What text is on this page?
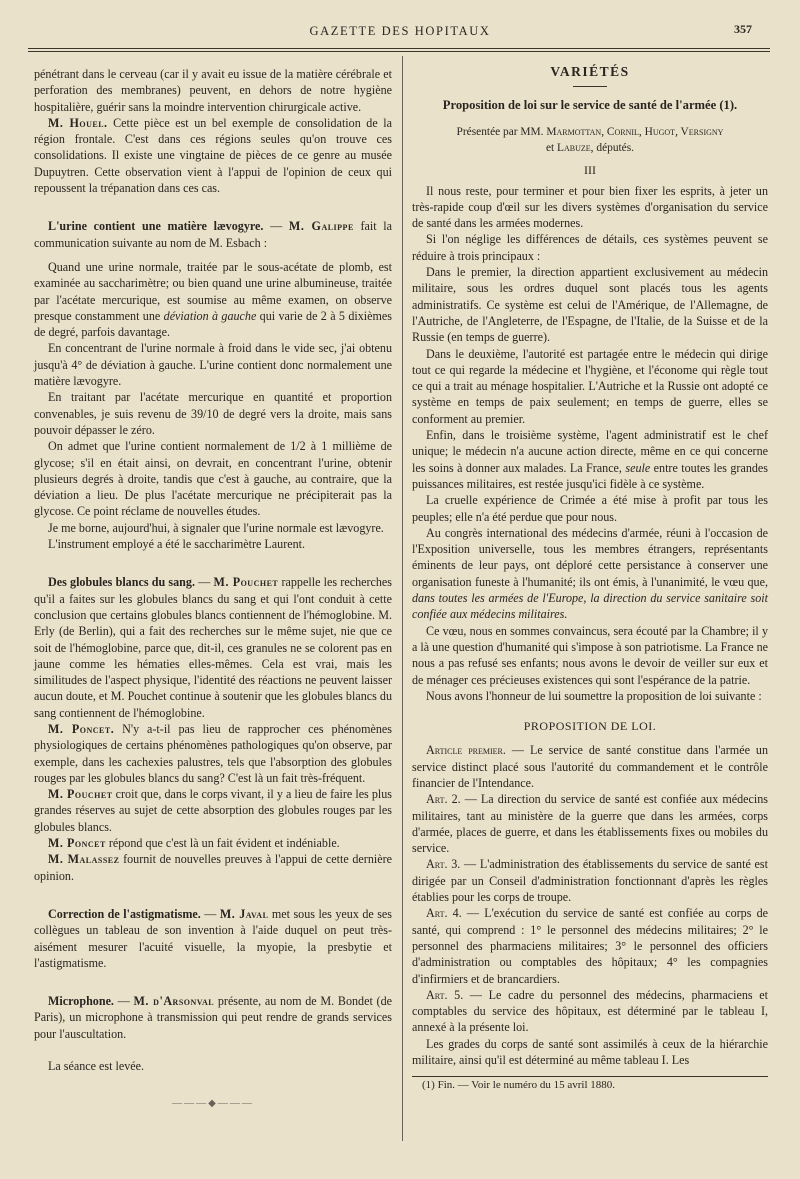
GAZETTE DES HOPITAUX	357

pénétrant dans le cerveau (car il y avait eu issue de la matière cérébrale et perforation des membranes) peuvent, en dehors de notre hygiène hospitalière, guérir sans la moindre intervention chirurgicale active.

M. Houel. Cette pièce est un bel exemple de consolidation de la région frontale. C'est dans ces régions seules qu'on trouve ces consolidations. Il existe une vingtaine de pièces de ce genre au musée Dupuytren. Cette observation vient à l'appui de l'opinion de ceux qui repoussent la trépanation dans ces cas.

L'urine contient une matière lævogyre. — M. Galippe fait la communication suivante au nom de M. Esbach :

Quand une urine normale, traitée par le sous-acétate de plomb, est examinée au saccharimètre; ou bien quand une urine albumineuse, traitée par l'acétate mercurique, est soumise au même examen, on observe presque constamment une déviation à gauche qui varie de 2 à 5 dixièmes de degré, parfois davantage.

En concentrant de l'urine normale à froid dans le vide sec, j'ai obtenu jusqu'à 4° de déviation à gauche. L'urine contient donc normalement une matière lævogyre.

En traitant par l'acétate mercurique en quantité et proportion convenables, je suis revenu de 39/10 de degré vers la droite, mais sans pouvoir dépasser le zéro.

On admet que l'urine contient normalement de 1/2 à 1 millième de glycose; s'il en était ainsi, on devrait, en concentrant l'urine, obtenir plusieurs degrés à droite, tandis que c'est à gauche, au contraire, que la déviation a lieu. De plus l'acétate mercurique ne précipiterait pas la glycose. Ce point réclame de nouvelles études.

Je me borne, aujourd'hui, à signaler que l'urine normale est lævogyre.

L'instrument employé a été le saccharimètre Laurent.

Des globules blancs du sang. — M. Pouchet rappelle les recherches qu'il a faites sur les globules blancs du sang et qui l'ont conduit à cette conclusion que certains globules blancs contiennent de l'hémoglobine. M. Erly (de Berlin), qui a fait des recherches sur le même sujet, nie que ce soit de l'hémoglobine, parce que, dit-il, ces granules ne se colorent pas en jaune comme les hématies elles-mêmes. Cela est vrai, mais les similitudes de l'aspect physique, l'identité des réactions ne peuvent laisser aucun doute, et M. Pouchet continue à soutenir que les globules blancs du sang contiennent de l'hémoglobine.

M. Poncet. N'y a-t-il pas lieu de rapprocher ces phénomènes physiologiques de certains phénomènes pathologiques qu'on observe, par exemple, dans les cachexies palustres, tels que l'absorption des globules rouges par les globules blancs du sang? C'est là un fait très-fréquent.

M. Pouchet croit que, dans le corps vivant, il y a lieu de faire les plus grandes réserves au sujet de cette absorption des globules rouges par les globules blancs.

M. Poncet répond que c'est là un fait évident et indéniable.

M. Malassez fournit de nouvelles preuves à l'appui de cette dernière opinion.

Correction de l'astigmatisme. — M. Javal met sous les yeux de ses collègues un tableau de son invention à l'aide duquel on peut très-aisément mesurer l'acuité visuelle, la myopie, la presbytie et l'astigmatisme.

Microphone. — M. d'Arsonval présente, au nom de M. Bondet (de Paris), un microphone à transmission qui peut rendre de grands services pour l'auscultation.

La séance est levée.

———◆———
VARIÉTÉS
Proposition de loi sur le service de santé de l'armée (1).
Présentée par MM. Marmottan, Cornil, Hugot, Versigny
et Labuze, députés.
III

Il nous reste, pour terminer et pour bien fixer les esprits, à jeter un très-rapide coup d'œil sur les divers systèmes d'organisation du service de santé dans les armées modernes.

Si l'on néglige les différences de détails, ces systèmes peuvent se réduire à trois principaux :

Dans le premier, la direction appartient exclusivement au médecin militaire, sous les ordres duquel sont placés tous les agents administratifs. Ce système est celui de l'Amérique, de l'Allemagne, de l'Autriche, de l'Angleterre, de l'Espagne, de l'Italie, de la Suisse et de la Russie (en temps de guerre).

Dans le deuxième, l'autorité est partagée entre le médecin qui dirige tout ce qui regarde la médecine et l'hygiène, et l'économe qui règle tout ce qui a trait au ménage hospitalier. L'Autriche et la Russie ont adopté ce système en temps de paix seulement; en temps de guerre, elles se conforment au premier.

Enfin, dans le troisième système, l'agent administratif est le chef unique; le médecin n'a aucune action directe, même en ce qui concerne les soins à donner aux malades. La France, seule entre toutes les grandes puissances militaires, est restée jusqu'ici fidèle à ce système.

La cruelle expérience de Crimée a été mise à profit par tous les peuples; elle n'a été perdue que pour nous.

Au congrès international des médecins d'armée, réuni à l'occasion de l'Exposition universelle, tous les membres étrangers, représentants éminents de leur pays, ont déploré cette persistance à conserver une organisation funeste à l'humanité; ils ont émis, à l'unanimité, le vœu que, dans toutes les armées de l'Europe, la direction du service sanitaire soit confiée aux médecins militaires.

Ce vœu, nous en sommes convaincus, sera écouté par la Chambre; il y a là une question d'humanité qui s'impose à son patriotisme. La France ne nous a pas refusé ses enfants; nous avons le devoir de veiller sur eux et de ménager ces précieuses existences qui sont l'espérance de la patrie.

Nous avons l'honneur de lui soumettre la proposition de loi suivante :

PROPOSITION DE LOI.

Article premier. — Le service de santé constitue dans l'armée un service distinct placé sous l'autorité du commandement et le contrôle financier de l'Intendance.

Art. 2. — La direction du service de santé est confiée aux médecins militaires, tant au ministère de la guerre que dans les armées, corps d'armée, places de guerre, et dans les établissements fixes ou mobiles du service.

Art. 3. — L'administration des établissements du service de santé est dirigée par un Conseil d'administration fonctionnant d'après les règles établies pour les corps de troupe.

Art. 4. — L'exécution du service de santé est confiée au corps de santé, qui comprend : 1° le personnel des médecins militaires; 2° le personnel des pharmaciens militaires; 3° le personnel des officiers d'administration ou comptables des hôpitaux; 4° les compagnies d'infirmiers et de brancardiers.

Art. 5. — Le cadre du personnel des médecins, pharmaciens et comptables du service des hôpitaux, est déterminé par le tableau I, annexé à la présente loi.

Les grades du corps de santé sont assimilés à ceux de la hiérarchie militaire, ainsi qu'il est déterminé au même tableau I. Les

(1) Fin. — Voir le numéro du 15 avril 1880.
